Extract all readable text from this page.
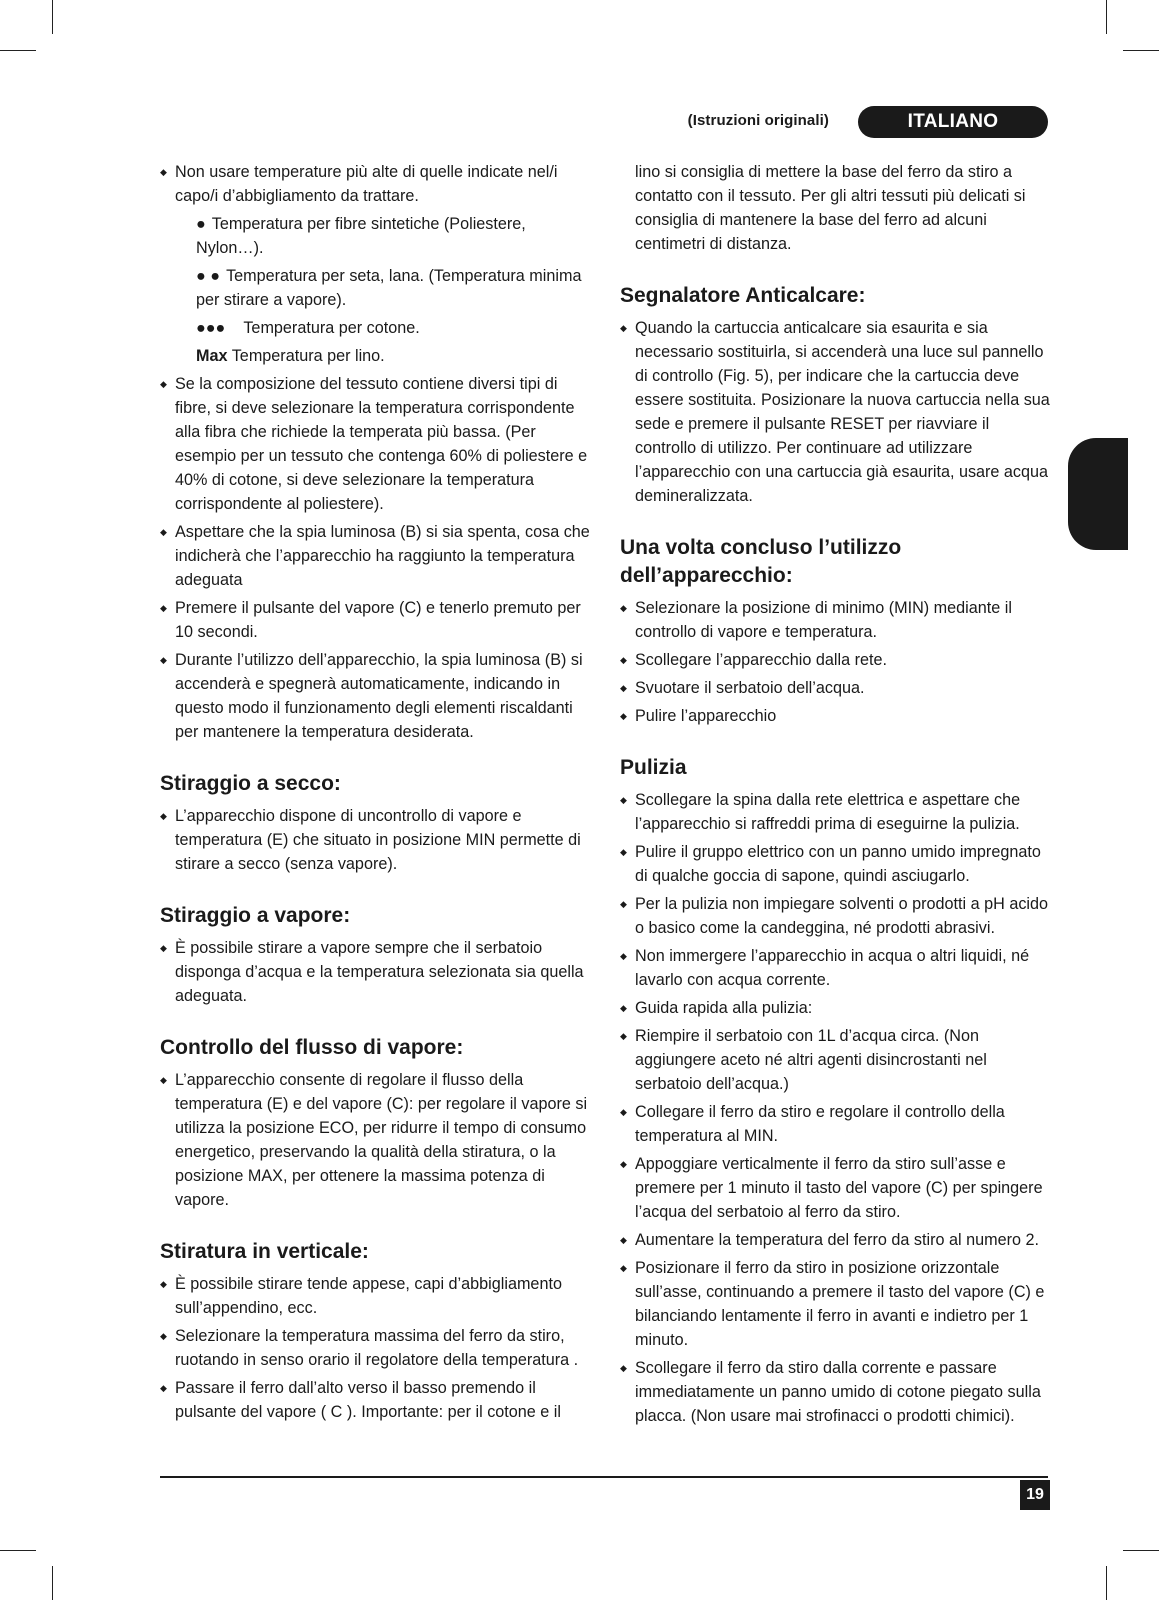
(Istruzioni originali)	ITALIANO
◆ Non usare temperature più alte di quelle indicate nel/i capo/i d’abbigliamento da trattare.
● Temperatura per fibre sintetiche (Poliestere, Nylon…).
● ● Temperatura per seta, lana. (Temperatura minima per stirare a vapore).
●●● Temperatura per cotone.
Max Temperatura per lino.
◆ Se la composizione del tessuto contiene diversi tipi di fibre, si deve selezionare la temperatura corrispondente alla fibra che richiede la temperata più bassa. (Per esempio per un tessuto che contenga 60% di poliestere e 40% di cotone, si deve selezionare la temperatura corrispondente al poliestere).
◆ Aspettare che la spia luminosa (B) si sia spenta, cosa che indicherà che l’apparecchio ha raggiunto la temperatura adeguata
◆ Premere il pulsante del vapore (C) e tenerlo premuto per 10 secondi.
◆ Durante l’utilizzo dell’apparecchio, la spia luminosa (B) si accenderà e spegnerà automaticamente, indicando in questo modo il funzionamento degli elementi riscaldanti per mantenere la temperatura desiderata.
Stiraggio a secco:
◆ L’apparecchio dispone di uncontrollo di vapore e temperatura (E) che situato in posizione MIN permette di stirare a secco (senza vapore).
Stiraggio a vapore:
◆ È possibile stirare a vapore sempre che il serbatoio disponga d’acqua e la temperatura selezionata sia quella adeguata.
Controllo del flusso di vapore:
◆ L’apparecchio consente di regolare il flusso della temperatura (E) e del vapore (C): per regolare il vapore si utilizza la posizione ECO, per ridurre il tempo di consumo energetico, preservando la qualità della stiratura, o la posizione MAX, per ottenere la massima potenza di vapore.
Stiratura in verticale:
◆ È possibile stirare tende appese, capi d’abbigliamento sull’appendino, ecc.
◆ Selezionare la temperatura massima del ferro da stiro, ruotando in senso orario il regolatore della temperatura .
◆ Passare il ferro dall’alto verso il basso premendo il pulsante del vapore ( C ). Importante: per il cotone e il
lino si consiglia di mettere la base del ferro da stiro a contatto con il tessuto. Per gli altri tessuti più delicati si consiglia di mantenere la base del ferro ad alcuni centimetri di distanza.
Segnalatore Anticalcare:
◆ Quando la cartuccia anticalcare sia esaurita e sia necessario sostituirla, si accenderà una luce sul pannello di controllo (Fig. 5), per indicare che la cartuccia deve essere sostituita. Posizionare la nuova cartuccia nella sua sede e premere il pulsante RESET per riavviare il controllo di utilizzo. Per continuare ad utilizzare l’apparecchio con una cartuccia già esaurita, usare acqua demineralizzata.
Una volta concluso l’utilizzo dell’apparecchio:
◆ Selezionare la posizione di minimo (MIN) mediante il controllo di vapore e temperatura.
◆ Scollegare l’apparecchio dalla rete.
◆ Svuotare il serbatoio dell’acqua.
◆ Pulire l’apparecchio
Pulizia
◆ Scollegare la spina dalla rete elettrica e aspettare che l’apparecchio si raffreddi prima di eseguirne la pulizia.
◆ Pulire il gruppo elettrico con un panno umido impregnato di qualche goccia di sapone, quindi asciugarlo.
◆ Per la pulizia non impiegare solventi o prodotti a pH acido o basico come la candeggina, né prodotti abrasivi.
◆ Non immergere l’apparecchio in acqua o altri liquidi, né lavarlo con acqua corrente.
◆ Guida rapida alla pulizia:
◆ Riempire il serbatoio con 1L d’acqua circa. (Non aggiungere aceto né altri agenti disincrostanti nel serbatoio dell’acqua.)
◆ Collegare il ferro da stiro e regolare il controllo della temperatura al MIN.
◆ Appoggiare verticalmente il ferro da stiro sull’asse e premere per 1 minuto il tasto del vapore (C) per spingere l’acqua del serbatoio al ferro da stiro.
◆ Aumentare la temperatura del ferro da stiro al numero 2.
◆ Posizionare il ferro da stiro in posizione orizzontale sull’asse, continuando a premere il tasto del vapore (C) e bilanciando lentamente il ferro in avanti e indietro per 1 minuto.
◆ Scollegare il ferro da stiro dalla corrente e passare immediatamente un panno umido di cotone piegato sulla placca. (Non usare mai strofinacci o prodotti chimici).
19
